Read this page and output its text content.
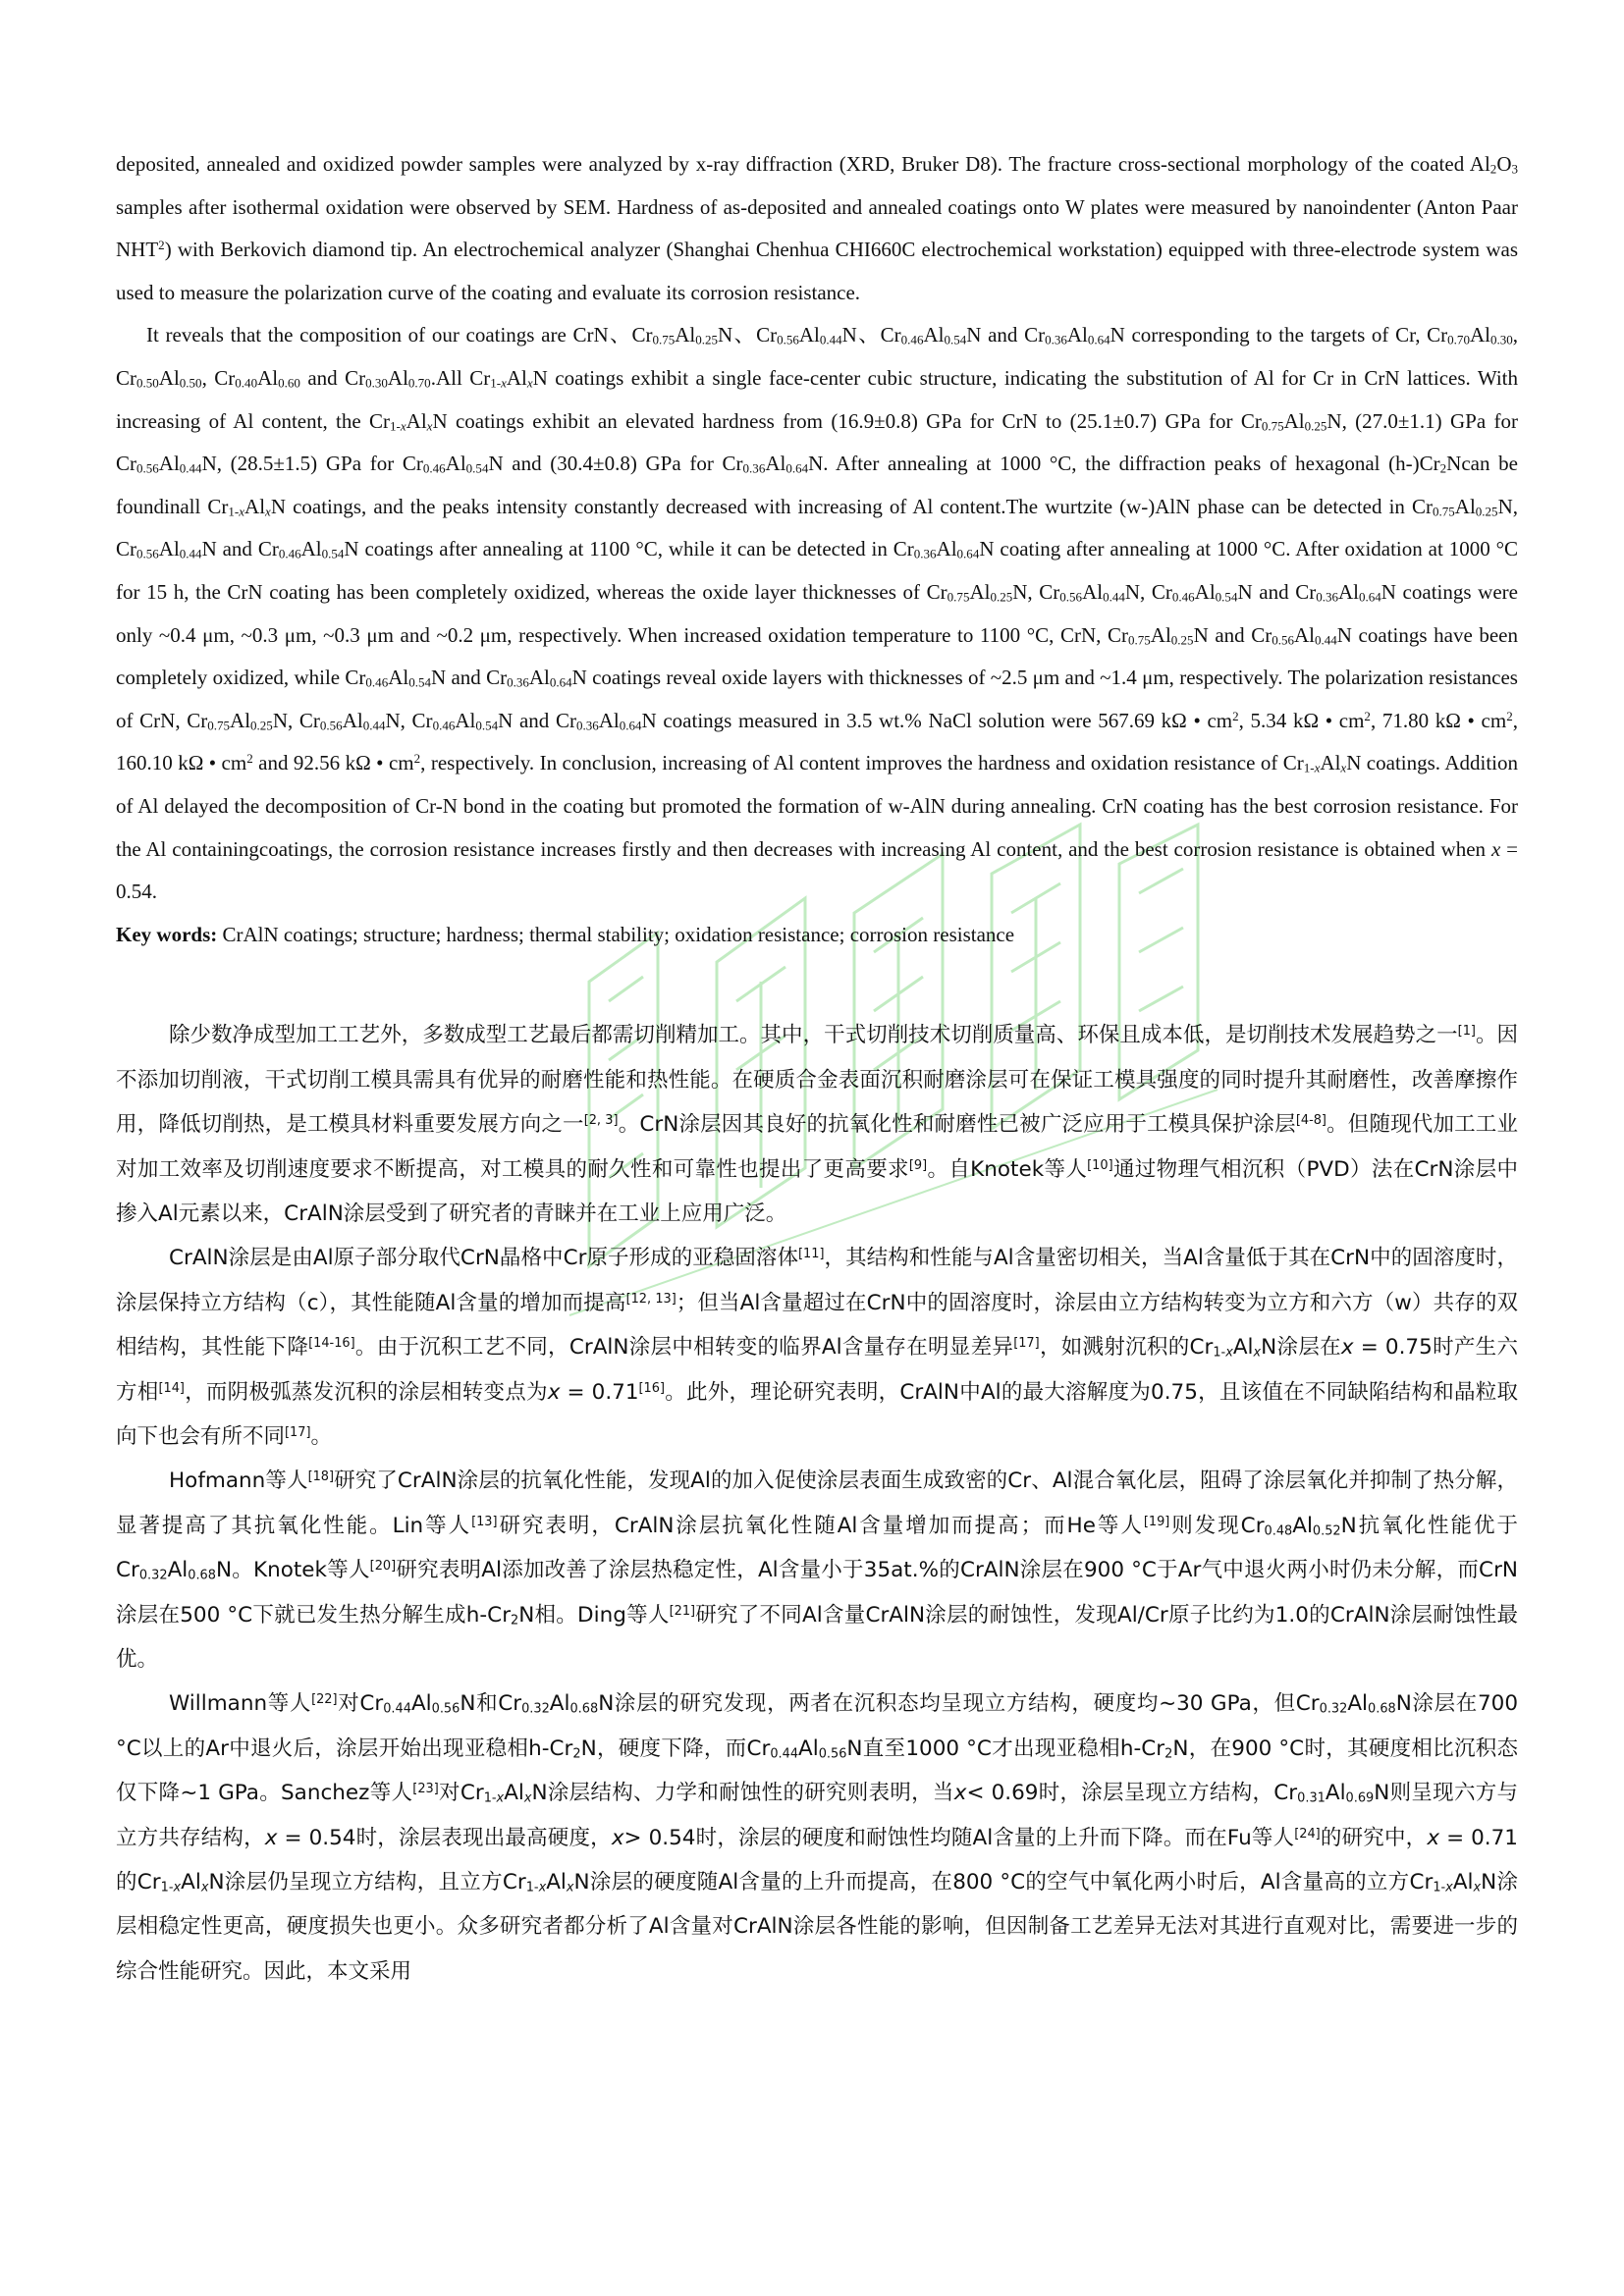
deposited, annealed and oxidized powder samples were analyzed by x-ray diffraction (XRD, Bruker D8). The fracture cross-sectional morphology of the coated $Al_2O_3$ samples after isothermal oxidation were observed by SEM. Hardness of as-deposited and annealed coatings onto W plates were measured by nanoindenter (Anton Paar NHT$^2$) with Berkovich diamond tip. An electrochemical analyzer (Shanghai Chenhua CHI660C electrochemical workstation) equipped with three-electrode system was used to measure the polarization curve of the coating and evaluate its corrosion resistance.

It reveals that the composition of our coatings are CrN、$Cr_{0.75}Al_{0.25}N$、$Cr_{0.56}Al_{0.44}N$、$Cr_{0.46}Al_{0.54}N$ and $Cr_{0.36}Al_{0.64}N$ corresponding to the targets of Cr, $Cr_{0.70}Al_{0.30}$, $Cr_{0.50}Al_{0.50}$, $Cr_{0.40}Al_{0.60}$ and $Cr_{0.30}Al_{0.70}.All$ $Cr_{1-x}Al_xN$ coatings exhibit a single face-center cubic structure, indicating the substitution of Al for Cr in CrN lattices. With increasing of Al content, the $Cr_{1-x}Al_xN$ coatings exhibit an elevated hardness from (16.9±0.8) GPa for CrN to (25.1±0.7) GPa for $Cr_{0.75}Al_{0.25}N$, (27.0±1.1) GPa for $Cr_{0.56}Al_{0.44}N$, (28.5±1.5) GPa for $Cr_{0.46}Al_{0.54}N$ and (30.4±0.8) GPa for $Cr_{0.36}Al_{0.64}N$. After annealing at 1000 °C, the diffraction peaks of hexagonal $(h-)Cr_2Ncan$ be foundinall $Cr_{1-x}Al_xN$ coatings, and the peaks intensity constantly decreased with increasing of Al content.The wurtzite (w-)AlN phase can be detected in $Cr_{0.75}Al_{0.25}N$, $Cr_{0.56}Al_{0.44}N$ and $Cr_{0.46}Al_{0.54}N$ coatings after annealing at 1100 °C, while it can be detected in $Cr_{0.36}Al_{0.64}N$ coating after annealing at 1000 °C. After oxidation at 1000 °C for 15 h, the CrN coating has been completely oxidized, whereas the oxide layer thicknesses of $Cr_{0.75}Al_{0.25}N$, $Cr_{0.56}Al_{0.44}N$, $Cr_{0.46}Al_{0.54}N$ and $Cr_{0.36}Al_{0.64}N$ coatings were only ~0.4 μm, ~0.3 μm, ~0.3 μm and ~0.2 μm, respectively. When increased oxidation temperature to 1100 °C, CrN, $Cr_{0.75}Al_{0.25}N$ and $Cr_{0.56}Al_{0.44}N$ coatings have been completely oxidized, while $Cr_{0.46}Al_{0.54}N$ and $Cr_{0.36}Al_{0.64}N$ coatings reveal oxide layers with thicknesses of ~2.5 μm and ~1.4 μm, respectively. The polarization resistances of CrN, $Cr_{0.75}Al_{0.25}N$, $Cr_{0.56}Al_{0.44}N$, $Cr_{0.46}Al_{0.54}N$ and $Cr_{0.36}Al_{0.64}N$ coatings measured in 3.5 wt.% NaCl solution were 567.69 kΩ • $cm^2$, 5.34 kΩ • $cm^2$, 71.80 kΩ • $cm^2$, 160.10 kΩ • $cm^2$ and 92.56 kΩ • $cm^2$, respectively. In conclusion, increasing of Al content improves the hardness and oxidation resistance of $Cr_{1-x}Al_xN$ coatings. Addition of Al delayed the decomposition of Cr-N bond in the coating but promoted the formation of w-AlN during annealing. CrN coating has the best corrosion resistance. For the Al containingcoatings, the corrosion resistance increases firstly and then decreases with increasing Al content, and the best corrosion resistance is obtained when x = 0.54.

Key words: CrAlN coatings; structure; hardness; thermal stability; oxidation resistance; corrosion resistance

除少数净成型加工工艺外，多数成型工艺最后都需切削精加工。其中，干式切削技术切削质量高、环保且成本低，是切削技术发展趋势之一[1]。因不添加切削液，干式切削工模具需具有优异的耐磨性能和热性能。在硬质合金表面沉积耐磨涂层可在保证工模具强度的同时提升其耐磨性，改善摩擦作用，降低切削热，是工模具材料重要发展方向之一[2, 3]。CrN涂层因其良好的抗氧化性和耐磨性已被广泛应用于工模具保护涂层[4-8]。但随现代加工工业对加工效率及切削速度要求不断提高，对工模具的耐久性和可靠性也提出了更高要求[9]。自Knotek等人[10]通过物理气相沉积（PVD）法在CrN涂层中掺入Al元素以来，CrAlN涂层受到了研究者的青睐并在工业上应用广泛。

CrAlN涂层是由Al原子部分取代CrN晶格中Cr原子形成的亚稳固溶体[11]，其结构和性能与Al含量密切相关，当Al含量低于其在CrN中的固溶度时，涂层保持立方结构（c），其性能随Al含量的增加而提高[12, 13]；但当Al含量超过在CrN中的固溶度时，涂层由立方结构转变为立方和六方（w）共存的双相结构，其性能下降[14-16]。由于沉积工艺不同，CrAlN涂层中相转变的临界Al含量存在明显差异[17]，如溅射沉积的$Cr_{1-x}Al_xN$涂层在x = 0.75时产生六方相[14]，而阴极弧蒸发沉积的涂层相转变点为x = 0.71[16]。此外，理论研究表明，CrAlN中Al的最大溶解度为0.75，且该值在不同缺陷结构和晶粒取向下也会有所不同[17]。

Hofmann等人[18]研究了CrAlN涂层的抗氧化性能，发现Al的加入促使涂层表面生成致密的Cr、Al混合氧化层，阻碍了涂层氧化并抑制了热分解，显著提高了其抗氧化性能。Lin等人[13]研究表明，CrAlN涂层抗氧化性随Al含量增加而提高；而He等人[19]则发现$Cr_{0.48}Al_{0.52}N$抗氧化性能优于$Cr_{0.32}Al_{0.68}N$。Knotek等人[20]研究表明Al添加改善了涂层热稳定性，Al含量小于35at.%的CrAlN涂层在900 °C于Ar气中退火两小时仍未分解，而CrN涂层在500 °C下就已发生热分解生成$h-Cr_2N$相。Ding等人[21]研究了不同Al含量CrAlN涂层的耐蚀性，发现Al/Cr原子比约为1.0的CrAlN涂层耐蚀性最优。

Willmann等人[22]对$Cr_{0.44}Al_{0.56}N$和$Cr_{0.32}Al_{0.68}N$涂层的研究发现，两者在沉积态均呈现立方结构，硬度均~30 GPa，但$Cr_{0.32}Al_{0.68}N$涂层在700 °C以上的Ar中退火后，涂层开始出现亚稳相$h-Cr_2N$，硬度下降，而$Cr_{0.44}Al_{0.56}N$直至1000 °C才出现亚稳相$h-Cr_2N$，在900 °C时，其硬度相比沉积态仅下降~1 GPa。Sanchez等人[23]对$Cr_{1-x}Al_xN$涂层结构、力学和耐蚀性的研究则表明，当x< 0.69时，涂层呈现立方结构，$Cr_{0.31}Al_{0.69}N$则呈现六方与立方共存结构，x = 0.54时，涂层表现出最高硬度，x> 0.54时，涂层的硬度和耐蚀性均随Al含量的上升而下降。而在Fu等人[24]的研究中，x = 0.71的$Cr_{1-x}Al_xN$涂层仍呈现立方结构，且立方$Cr_{1-x}Al_xN$涂层的硬度随Al含量的上升而提高，在800 °C的空气中氧化两小时后，Al含量高的立方$Cr_{1-x}Al_xN$涂层相稳定性更高，硬度损失也更小。众多研究者都分析了Al含量对CrAlN涂层各性能的影响，但因制备工艺差异无法对其进行直观对比，需要进一步的综合性能研究。因此，本文采用
